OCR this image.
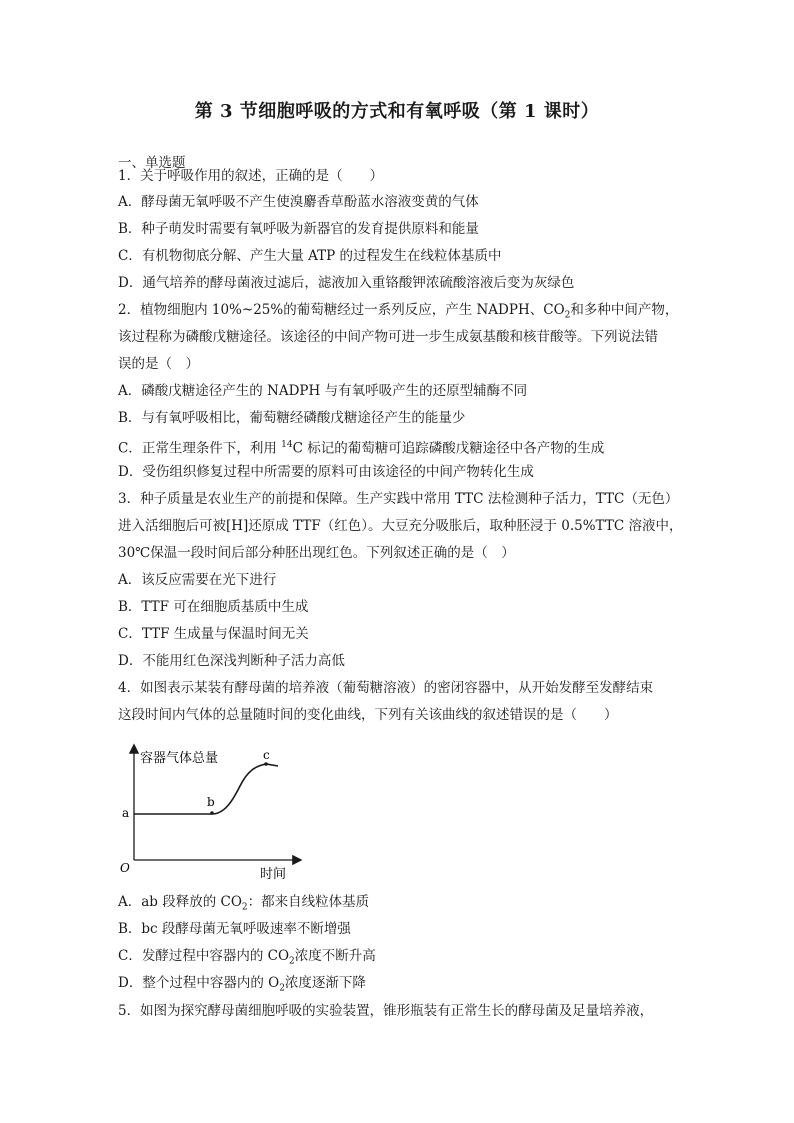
第 3 节细胞呼吸的方式和有氧呼吸（第 1 课时）
一、单选题
1．关于呼吸作用的叙述，正确的是（　　）
A．酵母菌无氧呼吸不产生使溴麝香草酚蓝水溶液变黄的气体
B．种子萌发时需要有氧呼吸为新器官的发育提供原料和能量
C．有机物彻底分解、产生大量 ATP 的过程发生在线粒体基质中
D．通气培养的酵母菌液过滤后，滤液加入重铬酸钾浓硫酸溶液后变为灰绿色
2．植物细胞内 10%~25%的葡萄糖经过一系列反应，产生 NADPH、$CO_2$和多种中间产物，
该过程称为磷酸戊糖途径。该途径的中间产物可进一步生成氨基酸和核苷酸等。下列说法错
误的是（　）
A．磷酸戊糖途径产生的 NADPH 与有氧呼吸产生的还原型辅酶不同
B．与有氧呼吸相比，葡萄糖经磷酸戊糖途径产生的能量少
C．正常生理条件下，利用 $^{14}$C 标记的葡萄糖可追踪磷酸戊糖途径中各产物的生成
D．受伤组织修复过程中所需要的原料可由该途径的中间产物转化生成
3．种子质量是农业生产的前提和保障。生产实践中常用 TTC 法检测种子活力，TTC（无色）
进入活细胞后可被[H]还原成 TTF（红色）。大豆充分吸胀后，取种胚浸于 0.5%TTC 溶液中，
30℃保温一段时间后部分种胚出现红色。下列叙述正确的是（　）
A．该反应需要在光下进行
B．TTF 可在细胞质基质中生成
C．TTF 生成量与保温时间无关
D．不能用红色深浅判断种子活力高低
4．如图表示某装有酵母菌的培养液（葡萄糖溶液）的密闭容器中，从开始发酵至发酵结束
这段时间内气体的总量随时间的变化曲线，下列有关该曲线的叙述错误的是（　　）
容器气体总量
时间
O
a
b
c
A．ab 段释放的 $CO_2$：都来自线粒体基质
B．bc 段酵母菌无氧呼吸速率不断增强
C．发酵过程中容器内的 $CO_2$浓度不断升高
D．整个过程中容器内的 $O_2$浓度逐渐下降
5．如图为探究酵母菌细胞呼吸的实验装置，锥形瓶装有正常生长的酵母菌及足量培养液，
